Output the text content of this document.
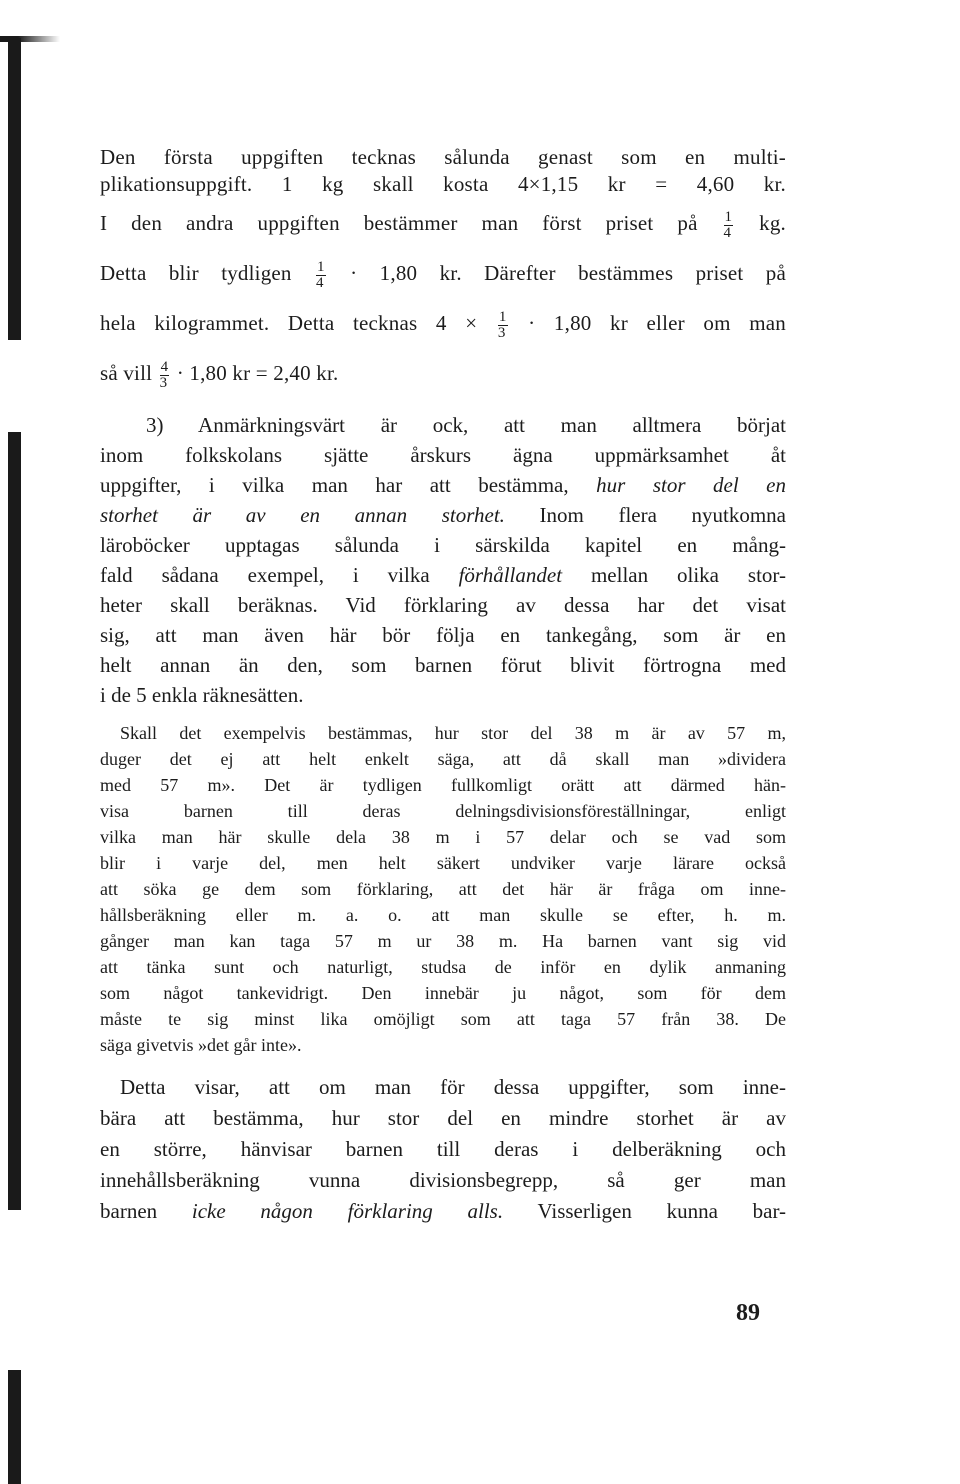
Den första uppgiften tecknas sålunda genast som en multi-
plikationsuppgift. 1 kg skall kosta 4×1,15 kr = 4,60 kr.
I den andra uppgiften bestämmer man först priset på $\frac{1}{4}$ kg.
Detta blir tydligen $\frac{1}{4} \cdot 1,80$ kr. Därefter bestämmes priset på
hela kilogrammet. Detta tecknas $4 \times \frac{1}{3} \cdot 1,80$ kr eller om man
så vill $\frac{4}{3} \cdot 1,80$ kr = 2,40 kr.
3) Anmärkningsvärt är ock, att man alltmera börjat
inom folkskolans sjätte årskurs ägna uppmärksamhet åt
uppgifter, i vilka man har att bestämma, hur stor del en
storhet är av en annan storhet. Inom flera nyutkomna
läroböcker upptagas sålunda i särskilda kapitel en mång-
fald sådana exempel, i vilka förhållandet mellan olika stor-
heter skall beräknas. Vid förklaring av dessa har det visat
sig, att man även här bör följa en tankegång, som är en
helt annan än den, som barnen förut blivit förtrogna med
i de 5 enkla räknesätten.
Skall det exempelvis bestämmas, hur stor del 38 m är av 57 m,
duger det ej att helt enkelt säga, att då skall man »dividera
med 57 m». Det är tydligen fullkomligt orätt att därmed hän-
visa barnen till deras delningsdivisionsföreställningar, enligt
vilka man här skulle dela 38 m i 57 delar och se vad som
blir i varje del, men helt säkert undviker varje lärare också
att söka ge dem som förklaring, att det här är fråga om inne-
hållsberäkning eller m. a. o. att man skulle se efter, h. m.
gånger man kan taga 57 m ur 38 m. Ha barnen vant sig vid
att tänka sunt och naturligt, studsa de inför en dylik anmaning
som något tankevidrigt. Den innebär ju något, som för dem
måste te sig minst lika omöjligt som att taga 57 från 38. De
säga givetvis »det går inte».
Detta visar, att om man för dessa uppgifter, som inne-
bära att bestämma, hur stor del en mindre storhet är av
en större, hänvisar barnen till deras i delberäkning och
innehållsberäkning vunna divisionsbegrepp, så ger man
barnen icke någon förklaring alls. Visserligen kunna bar-
89
